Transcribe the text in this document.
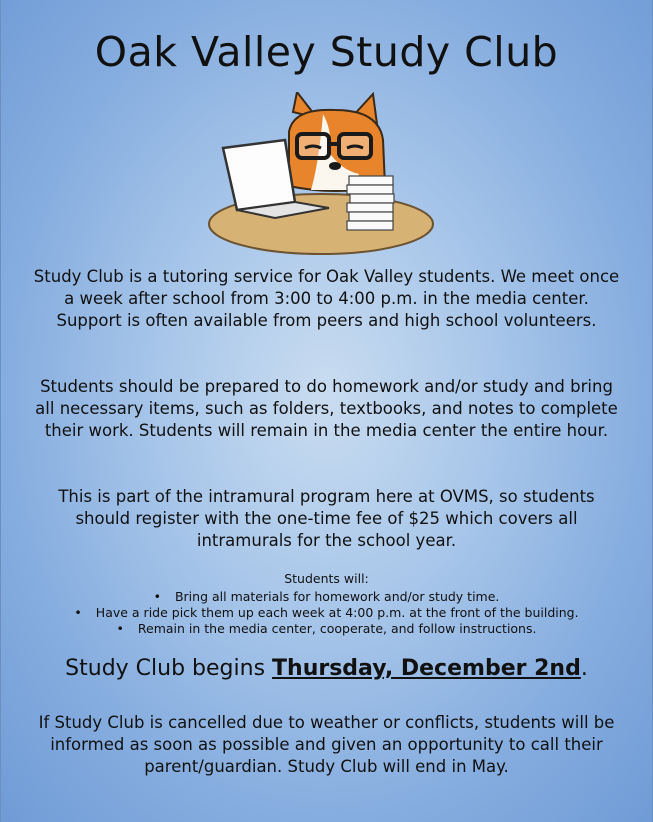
Oak Valley Study Club
Study Club is a tutoring service for Oak Valley students. We meet once a week after school from 3:00 to 4:00 p.m. in the media center. Support is often available from peers and high school volunteers.
Students should be prepared to do homework and/or study and bring all necessary items, such as folders, textbooks, and notes to complete their work. Students will remain in the media center the entire hour.
This is part of the intramural program here at OVMS, so students should register with the one-time fee of $25 which covers all intramurals for the school year.
Students will:
• Bring all materials for homework and/or study time.
• Have a ride pick them up each week at 4:00 p.m. at the front of the building.
• Remain in the media center, cooperate, and follow instructions.
Study Club begins Thursday, December 2nd.
If Study Club is cancelled due to weather or conflicts, students will be informed as soon as possible and given an opportunity to call their parent/guardian. Study Club will end in May.
